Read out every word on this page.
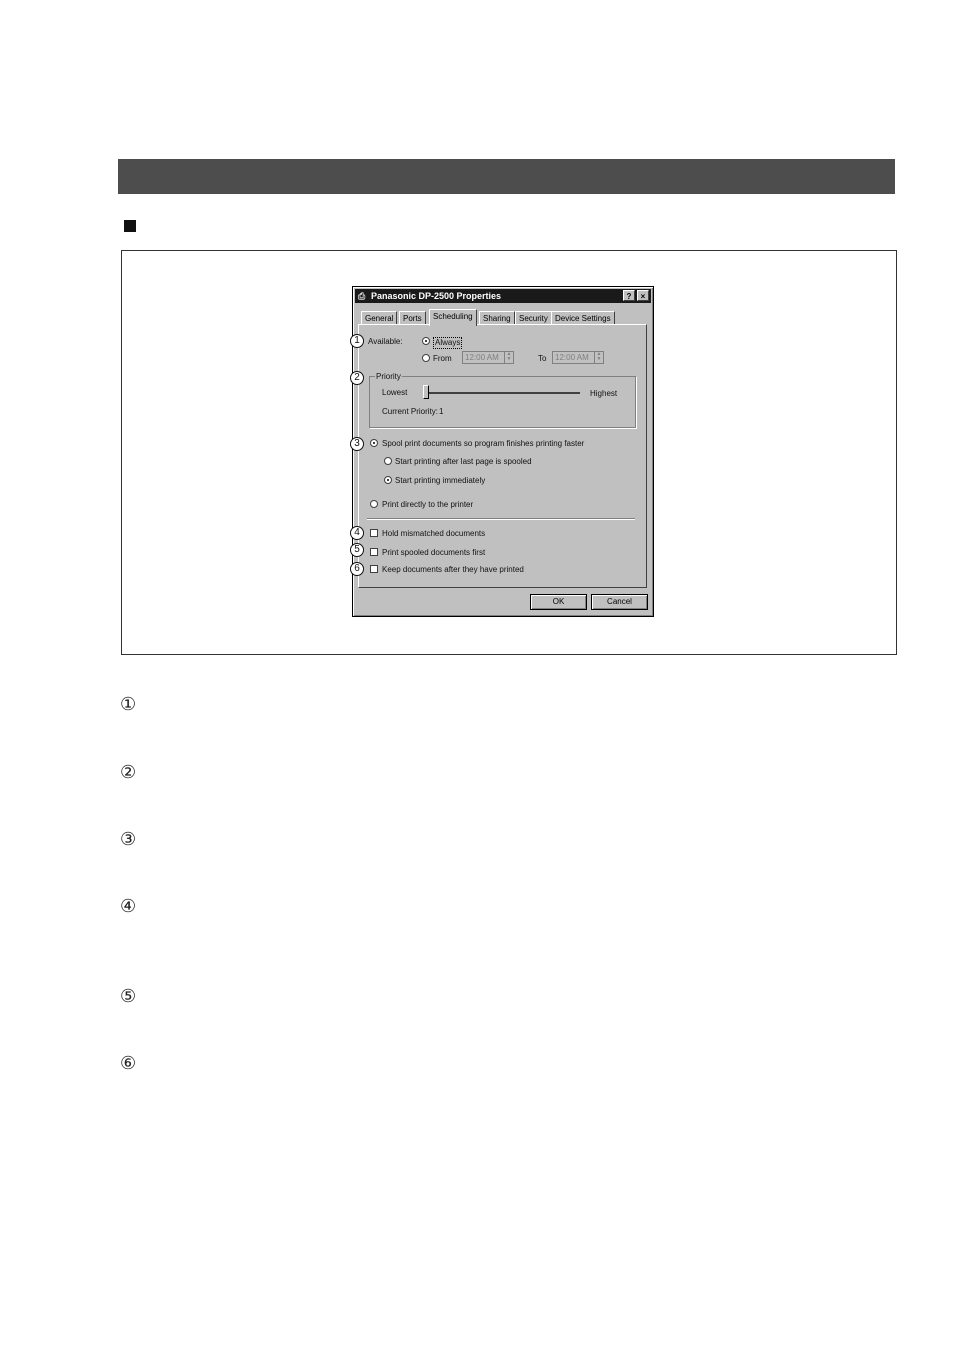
⎙ Panasonic DP-2500 Properties	?	×
General	Ports	Scheduling	Sharing	Security Device Settings
OK	Cancel
Available:	Always
From	12:00 AM	▲
▼	To	12:00 AM	▲
▼
Priority
Lowest	Highest
Current Priority: 1
Spool print documents so program finishes printing faster
Start printing after last page is spooled
Start printing immediately
Print directly to the printer
Hold mismatched documents
Print spooled documents first
Keep documents after they have printed
1
2
3
4
5
6
①
②
③
④
⑤
⑥
